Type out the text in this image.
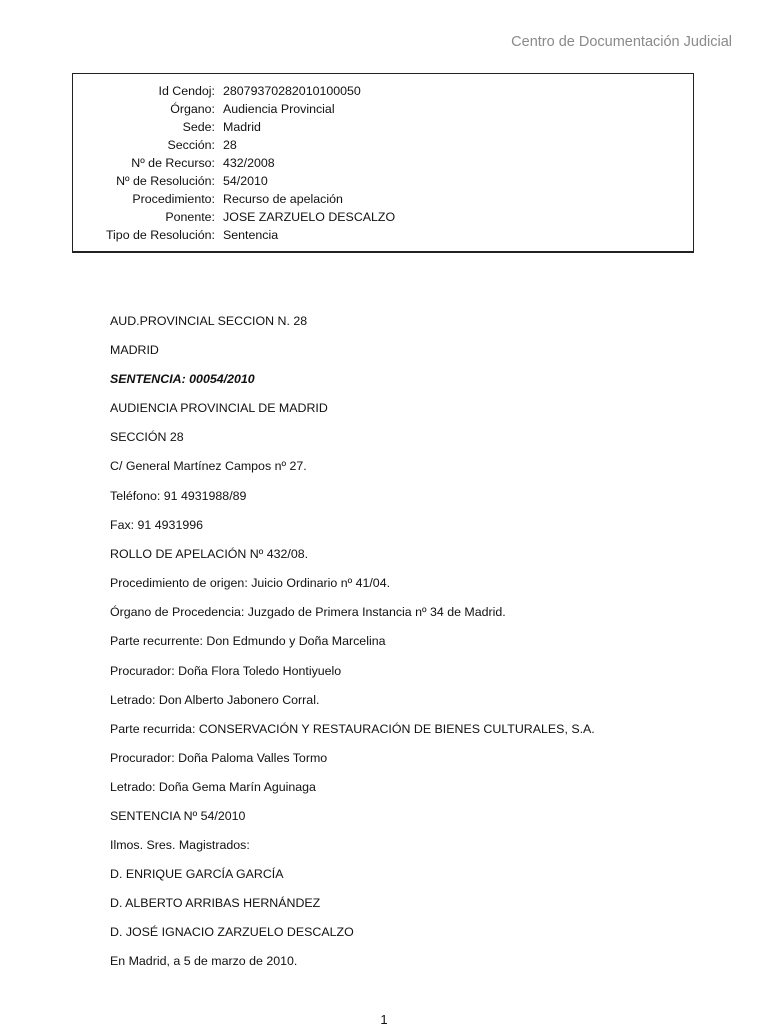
Centro de Documentación Judicial
Id Cendoj: 28079370282010100050
Órgano: Audiencia Provincial
Sede: Madrid
Sección: 28
Nº de Recurso: 432/2008
Nº de Resolución: 54/2010
Procedimiento: Recurso de apelación
Ponente: JOSE ZARZUELO DESCALZO
Tipo de Resolución: Sentencia
AUD.PROVINCIAL SECCION N. 28
MADRID
SENTENCIA: 00054/2010
AUDIENCIA PROVINCIAL DE MADRID
SECCIÓN 28
C/ General Martínez Campos nº 27.
Teléfono: 91 4931988/89
Fax: 91 4931996
ROLLO DE APELACIÓN Nº 432/08.
Procedimiento de origen: Juicio Ordinario nº 41/04.
Órgano de Procedencia: Juzgado de Primera Instancia nº 34 de Madrid.
Parte recurrente: Don Edmundo y Doña Marcelina
Procurador: Doña Flora Toledo Hontiyuelo
Letrado: Don Alberto Jabonero Corral.
Parte recurrida: CONSERVACIÓN Y RESTAURACIÓN DE BIENES CULTURALES, S.A.
Procurador: Doña Paloma Valles Tormo
Letrado: Doña Gema Marín Aguinaga
SENTENCIA Nº 54/2010
Ilmos. Sres. Magistrados:
D. ENRIQUE GARCÍA GARCÍA
D. ALBERTO ARRIBAS HERNÁNDEZ
D. JOSÉ IGNACIO ZARZUELO DESCALZO
En Madrid, a 5 de marzo de 2010.
1
